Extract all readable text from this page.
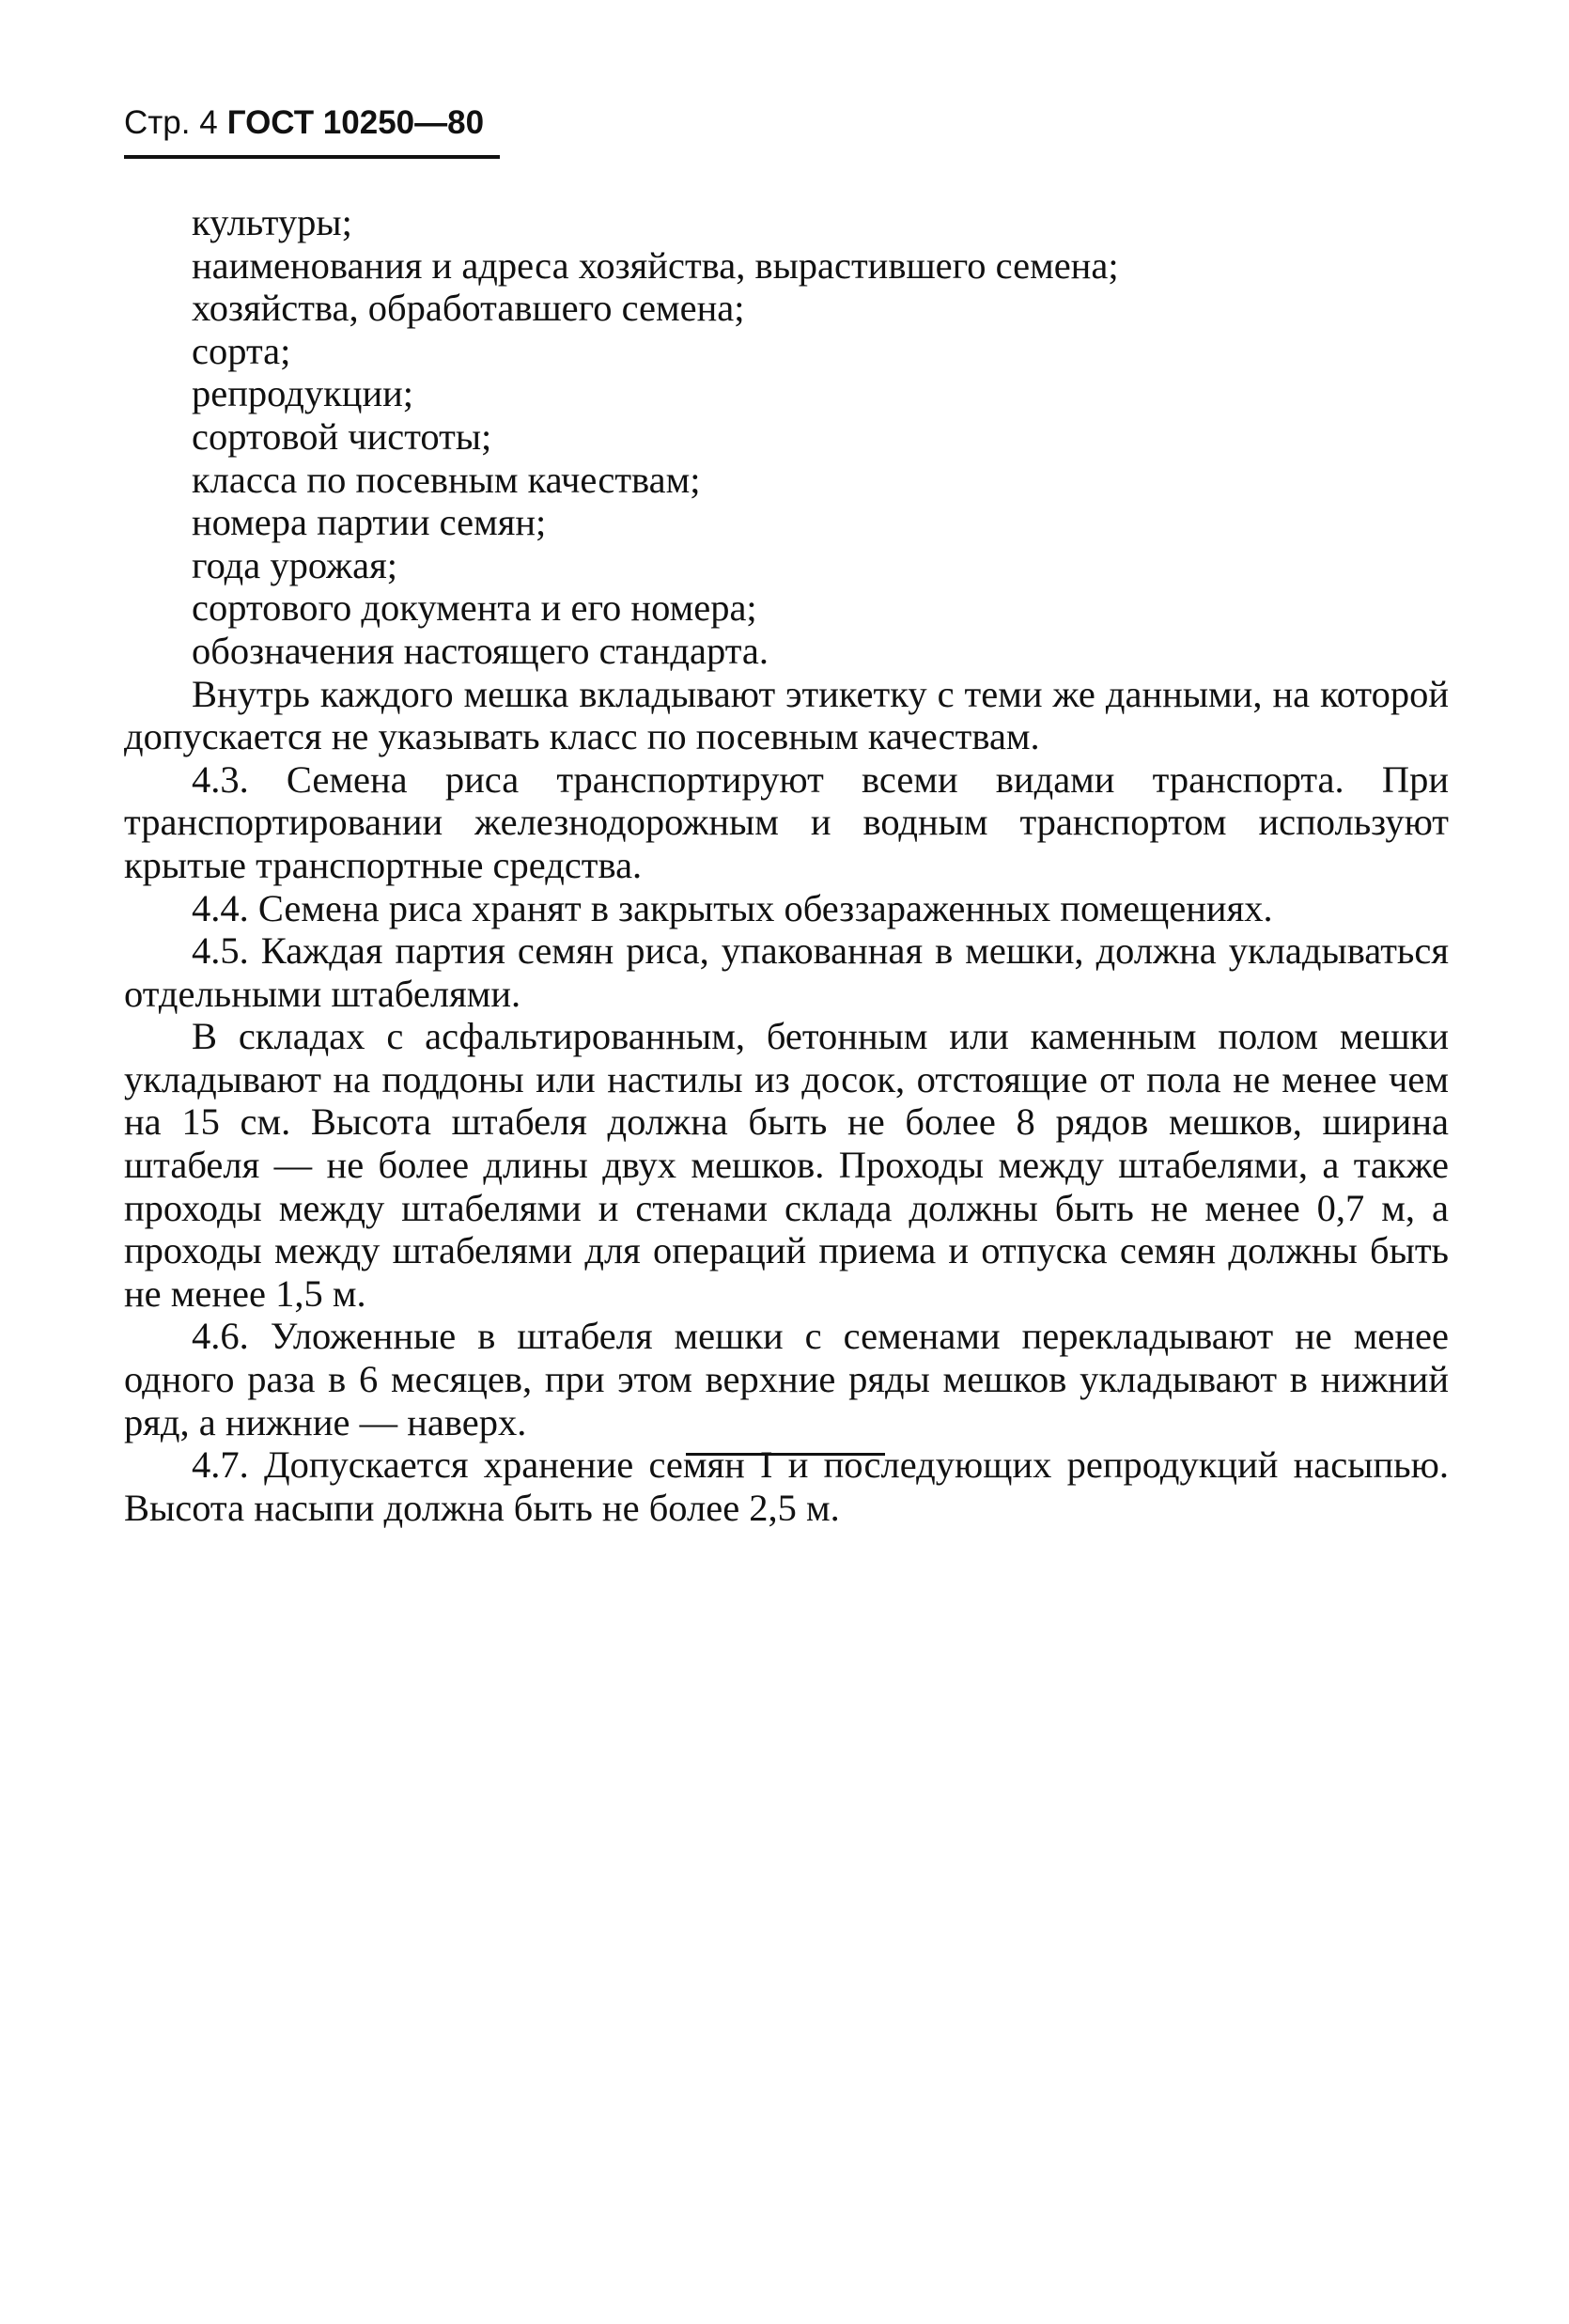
Стр. 4 ГОСТ 10250—80
культуры;
наименования и адреса хозяйства, вырастившего семена;
хозяйства, обработавшего семена;
сорта;
репродукции;
сортовой чистоты;
класса по посевным качествам;
номера партии семян;
года урожая;
сортового документа и его номера;
обозначения настоящего стандарта.

Внутрь каждого мешка вкладывают этикетку с теми же данными, на которой допускается не указывать класс по посевным качествам.

4.3. Семена риса транспортируют всеми видами транспорта. При транспортировании железнодорожным и водным транспортом используют крытые транспортные средства.

4.4. Семена риса хранят в закрытых обеззараженных помещениях.

4.5. Каждая партия семян риса, упакованная в мешки, должна укладываться отдельными штабелями.

В складах с асфальтированным, бетонным или каменным полом мешки укладывают на поддоны или настилы из досок, отстоящие от пола не менее чем на 15 см. Высота штабеля должна быть не более 8 рядов мешков, ширина штабеля — не более длины двух мешков. Проходы между штабелями, а также проходы между штабелями и стенами склада должны быть не менее 0,7 м, а проходы между штабелями для операций приема и отпуска семян должны быть не менее 1,5 м.

4.6. Уложенные в штабеля мешки с семенами перекладывают не менее одного раза в 6 месяцев, при этом верхние ряды мешков укладывают в нижний ряд, а нижние — наверх.

4.7. Допускается хранение семян I и последующих репродукций насыпью. Высота насыпи должна быть не более 2,5 м.
